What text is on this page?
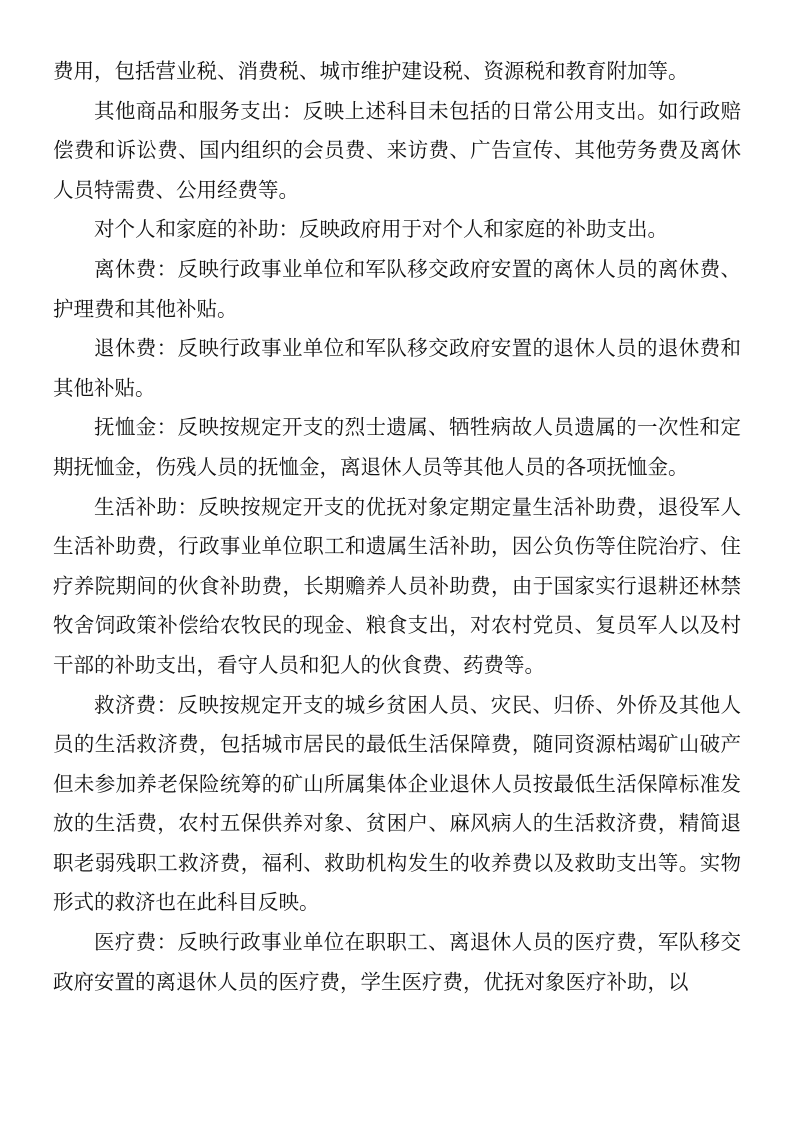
费用，包括营业税、消费税、城市维护建设税、资源税和教育附加等。

其他商品和服务支出：反映上述科目未包括的日常公用支出。如行政赔偿费和诉讼费、国内组织的会员费、来访费、广告宣传、其他劳务费及离休人员特需费、公用经费等。

对个人和家庭的补助：反映政府用于对个人和家庭的补助支出。

离休费：反映行政事业单位和军队移交政府安置的离休人员的离休费、护理费和其他补贴。

退休费：反映行政事业单位和军队移交政府安置的退休人员的退休费和其他补贴。

抚恤金：反映按规定开支的烈士遗属、牺牲病故人员遗属的一次性和定期抚恤金，伤残人员的抚恤金，离退休人员等其他人员的各项抚恤金。

生活补助：反映按规定开支的优抚对象定期定量生活补助费，退役军人生活补助费，行政事业单位职工和遗属生活补助，因公负伤等住院治疗、住疗养院期间的伙食补助费，长期赡养人员补助费，由于国家实行退耕还林禁牧舍饲政策补偿给农牧民的现金、粮食支出，对农村党员、复员军人以及村干部的补助支出，看守人员和犯人的伙食费、药费等。

救济费：反映按规定开支的城乡贫困人员、灾民、归侨、外侨及其他人员的生活救济费，包括城市居民的最低生活保障费，随同资源枯竭矿山破产但未参加养老保险统筹的矿山所属集体企业退休人员按最低生活保障标准发放的生活费，农村五保供养对象、贫困户、麻风病人的生活救济费，精简退职老弱残职工救济费，福利、救助机构发生的收养费以及救助支出等。实物形式的救济也在此科目反映。

医疗费：反映行政事业单位在职职工、离退休人员的医疗费，军队移交政府安置的离退休人员的医疗费，学生医疗费，优抚对象医疗补助，以
